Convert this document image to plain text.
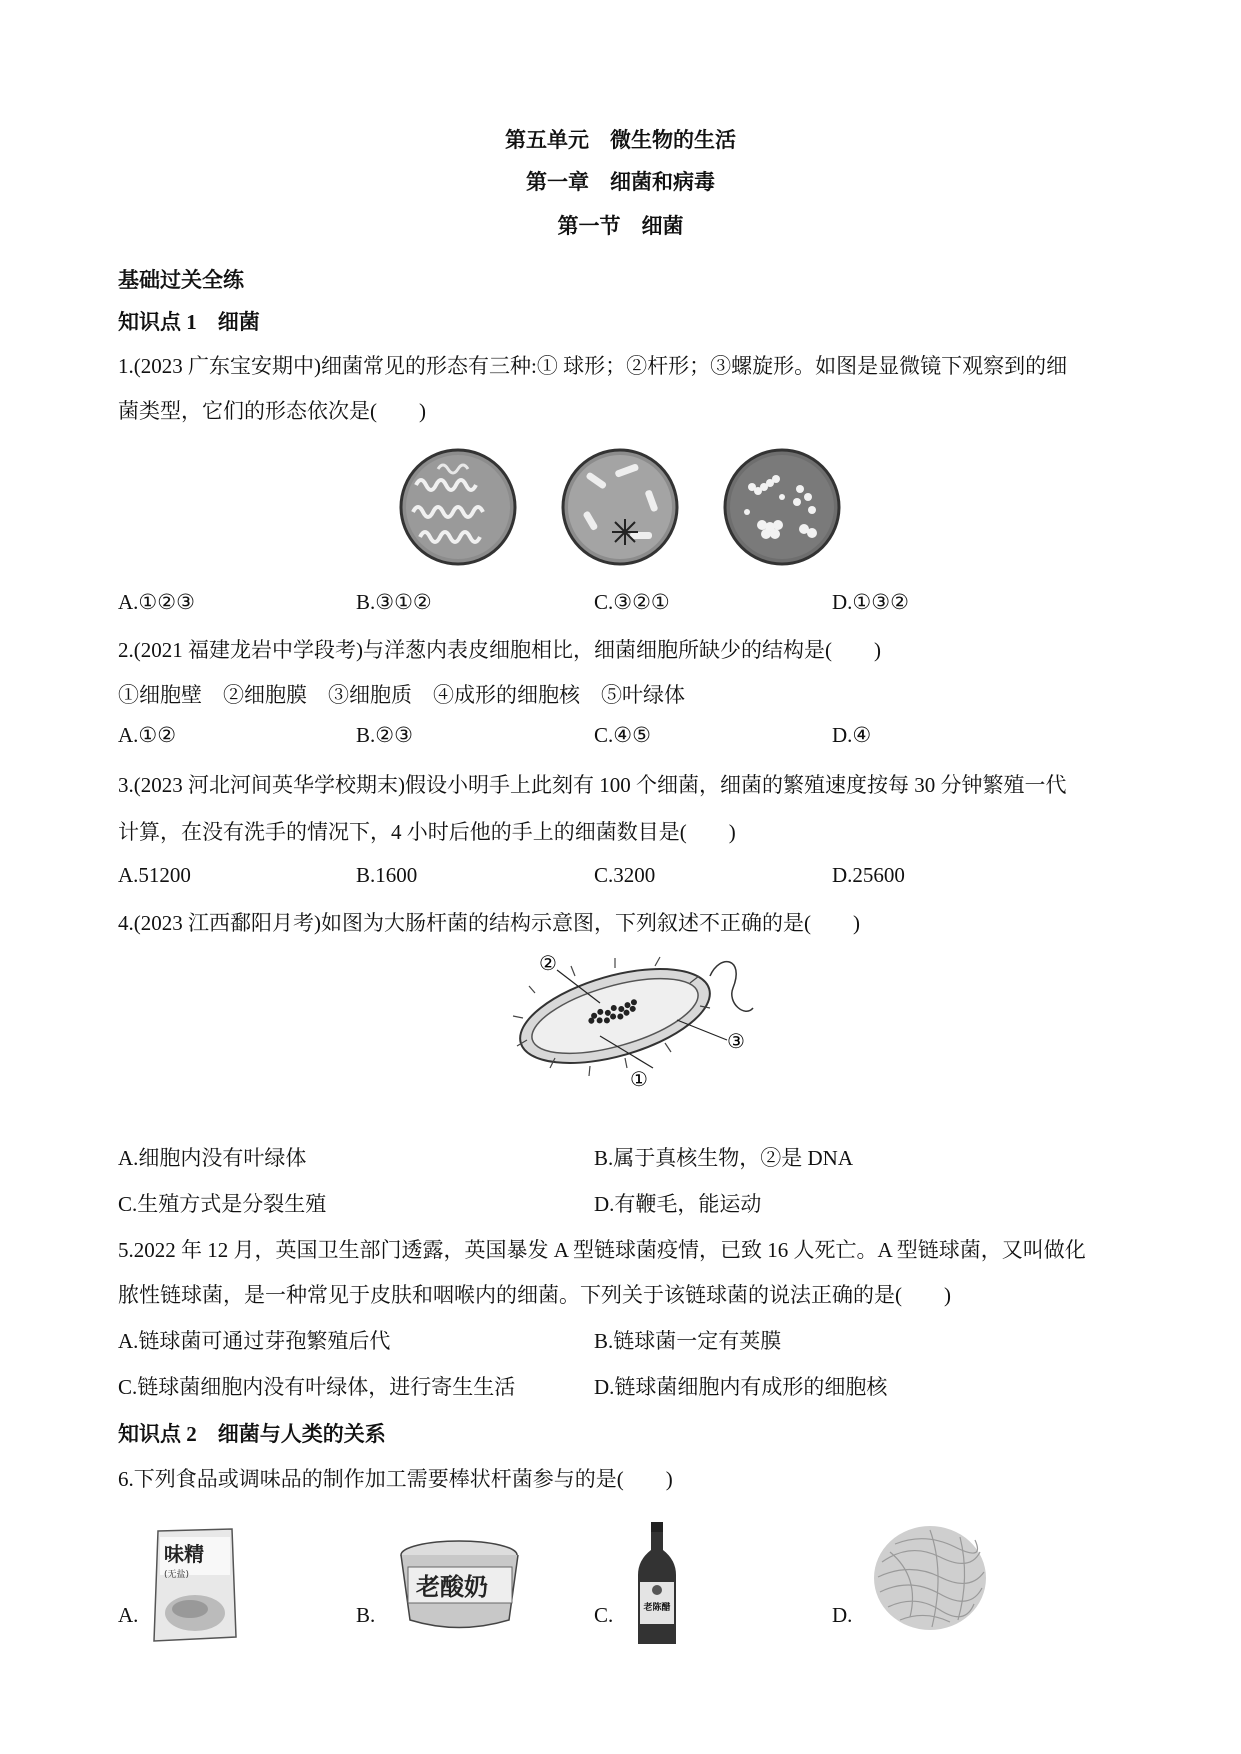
第五单元　微生物的生活
第一章　细菌和病毒
第一节　细菌
基础过关全练
知识点 1　细菌
1.(2023 广东宝安期中)细菌常见的形态有三种:① 球形；②杆形；③螺旋形。如图是显微镜下观察到的细
菌类型，它们的形态依次是(　　)
A.①②③	B.③①②	C.③②①	D.①③②
2.(2021 福建龙岩中学段考)与洋葱内表皮细胞相比，细菌细胞所缺少的结构是(　　)
①细胞壁　②细胞膜　③细胞质　④成形的细胞核　⑤叶绿体
A.①②	B.②③	C.④⑤	D.④
3.(2023 河北河间英华学校期末)假设小明手上此刻有 100 个细菌，细菌的繁殖速度按每 30 分钟繁殖一代
计算，在没有洗手的情况下，4 小时后他的手上的细菌数目是(　　)
A.51200	B.1600	C.3200	D.25600
4.(2023 江西鄱阳月考)如图为大肠杆菌的结构示意图，下列叙述不正确的是(　　)
②
③
①
A.细胞内没有叶绿体	B.属于真核生物，②是 DNA
C.生殖方式是分裂生殖	D.有鞭毛，能运动
5.2022 年 12 月，英国卫生部门透露，英国暴发 A 型链球菌疫情，已致 16 人死亡。A 型链球菌，又叫做化
脓性链球菌，是一种常见于皮肤和咽喉内的细菌。下列关于该链球菌的说法正确的是(　　)
A.链球菌可通过芽孢繁殖后代	B.链球菌一定有荚膜
C.链球菌细胞内没有叶绿体，进行寄生生活	D.链球菌细胞内有成形的细胞核
知识点 2　细菌与人类的关系
6.下列食品或调味品的制作加工需要棒状杆菌参与的是(　　)
A.	B.	C.	D.
味精
(无盐)	老酸奶
老陈醋
